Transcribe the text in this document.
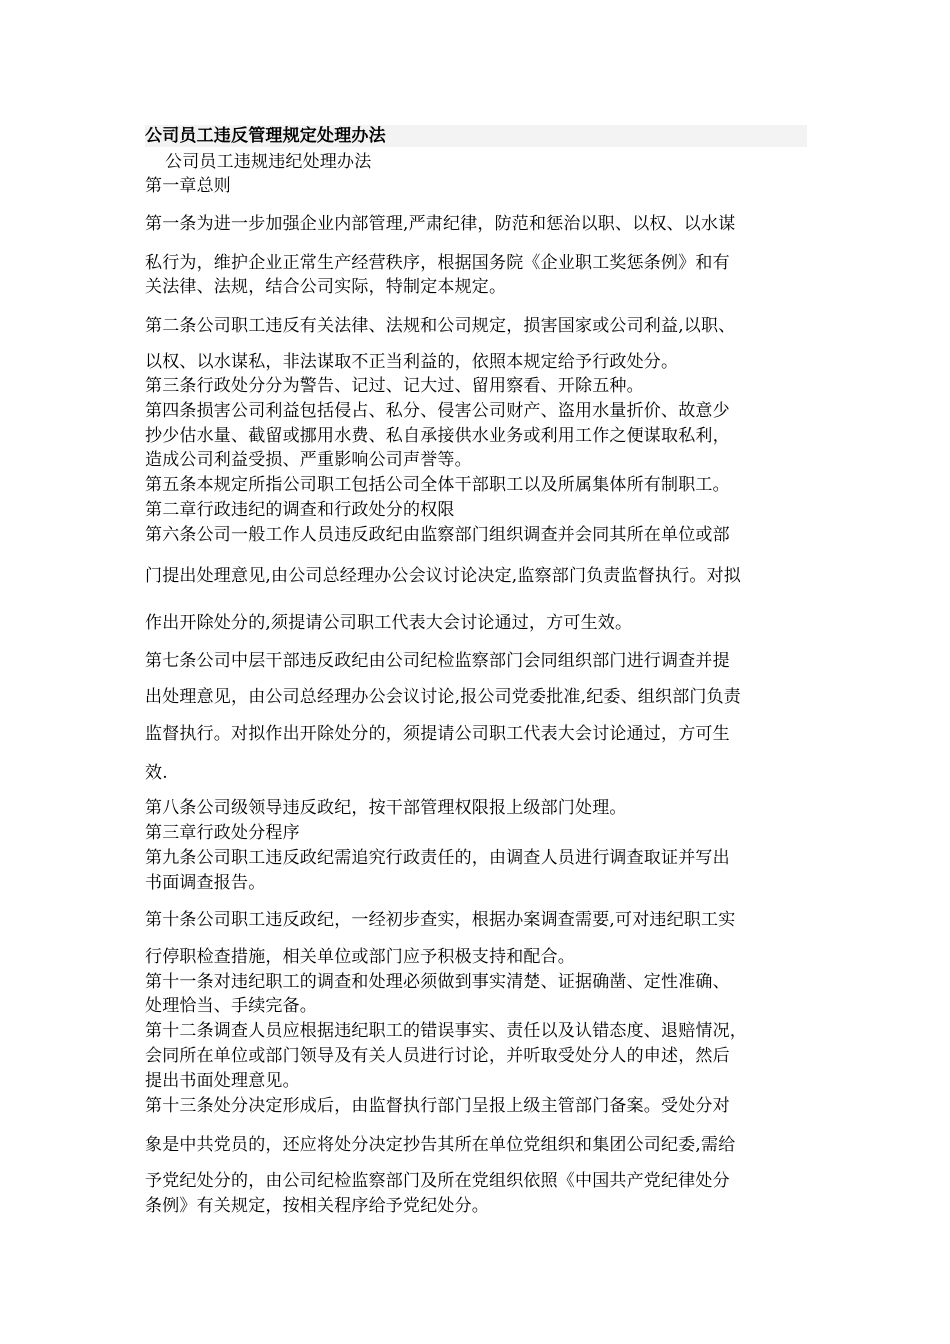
公司员工违反管理规定处理办法
公司员工违规违纪处理办法
第一章总则
第一条为进一步加强企业内部管理,严肃纪律，防范和惩治以职、以权、以水谋
私行为，维护企业正常生产经营秩序，根据国务院《企业职工奖惩条例》和有
关法律、法规，结合公司实际，特制定本规定。
第二条公司职工违反有关法律、法规和公司规定，损害国家或公司利益,以职、
以权、以水谋私，非法谋取不正当利益的，依照本规定给予行政处分。
第三条行政处分分为警告、记过、记大过、留用察看、开除五种。
第四条损害公司利益包括侵占、私分、侵害公司财产、盗用水量折价、故意少
抄少估水量、截留或挪用水费、私自承接供水业务或利用工作之便谋取私利，
造成公司利益受损、严重影响公司声誉等。
第五条本规定所指公司职工包括公司全体干部职工以及所属集体所有制职工。
第二章行政违纪的调查和行政处分的权限
第六条公司一般工作人员违反政纪由监察部门组织调查并会同其所在单位或部
门提出处理意见,由公司总经理办公会议讨论决定,监察部门负责监督执行。对拟
作出开除处分的,须提请公司职工代表大会讨论通过，方可生效。
第七条公司中层干部违反政纪由公司纪检监察部门会同组织部门进行调查并提
出处理意见，由公司总经理办公会议讨论,报公司党委批准,纪委、组织部门负责
监督执行。对拟作出开除处分的，须提请公司职工代表大会讨论通过，方可生
效.
第八条公司级领导违反政纪，按干部管理权限报上级部门处理。
第三章行政处分程序
第九条公司职工违反政纪需追究行政责任的，由调查人员进行调查取证并写出
书面调查报告。
第十条公司职工违反政纪，一经初步查实，根据办案调查需要,可对违纪职工实
行停职检查措施，相关单位或部门应予积极支持和配合。
第十一条对违纪职工的调查和处理必须做到事实清楚、证据确凿、定性准确、
处理恰当、手续完备。
第十二条调查人员应根据违纪职工的错误事实、责任以及认错态度、退赔情况，
会同所在单位或部门领导及有关人员进行讨论，并听取受处分人的申述，然后
提出书面处理意见。
第十三条处分决定形成后，由监督执行部门呈报上级主管部门备案。受处分对
象是中共党员的，还应将处分决定抄告其所在单位党组织和集团公司纪委,需给
予党纪处分的，由公司纪检监察部门及所在党组织依照《中国共产党纪律处分
条例》有关规定，按相关程序给予党纪处分。
